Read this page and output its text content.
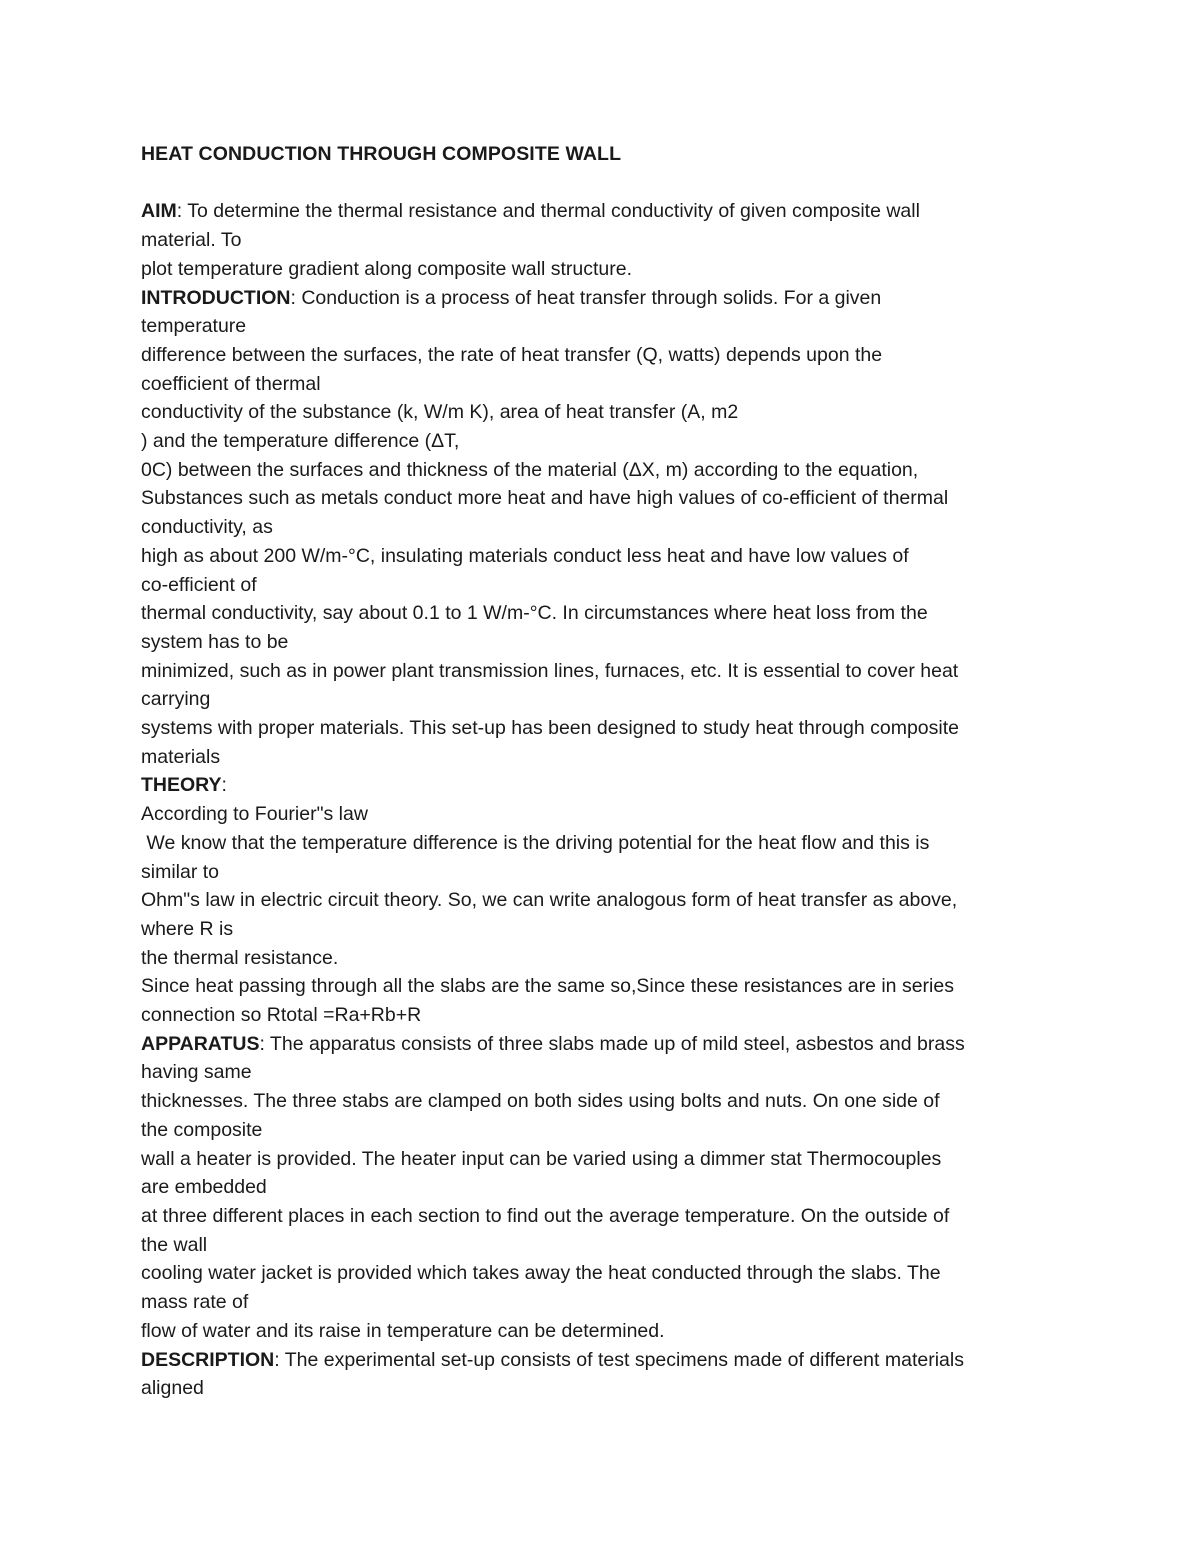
HEAT CONDUCTION THROUGH COMPOSITE WALL
AIM: To determine the thermal resistance and thermal conductivity of given composite wall
material. To
plot temperature gradient along composite wall structure.
INTRODUCTION: Conduction is a process of heat transfer through solids. For a given
temperature
difference between the surfaces, the rate of heat transfer (Q, watts) depends upon the
coefficient of thermal
conductivity of the substance (k, W/m K), area of heat transfer (A, m2
) and the temperature difference (ΔT,
0C) between the surfaces and thickness of the material (ΔX, m) according to the equation,
Substances such as metals conduct more heat and have high values of co-efficient of thermal
conductivity, as
high as about 200 W/m-°C, insulating materials conduct less heat and have low values of
co-efficient of
thermal conductivity, say about 0.1 to 1 W/m-°C. In circumstances where heat loss from the
system has to be
minimized, such as in power plant transmission lines, furnaces, etc. It is essential to cover heat
carrying
systems with proper materials. This set-up has been designed to study heat through composite
materials
THEORY:
According to Fourier"s law
We know that the temperature difference is the driving potential for the heat flow and this is
similar to
Ohm"s law in electric circuit theory. So, we can write analogous form of heat transfer as above,
where R is
the thermal resistance.
Since heat passing through all the slabs are the same so,Since these resistances are in series
connection so Rtotal =Ra+Rb+R
APPARATUS: The apparatus consists of three slabs made up of mild steel, asbestos and brass
having same
thicknesses. The three stabs are clamped on both sides using bolts and nuts. On one side of
the composite
wall a heater is provided. The heater input can be varied using a dimmer stat Thermocouples
are embedded
at three different places in each section to find out the average temperature. On the outside of
the wall
cooling water jacket is provided which takes away the heat conducted through the slabs. The
mass rate of
flow of water and its raise in temperature can be determined.
DESCRIPTION: The experimental set-up consists of test specimens made of different materials
aligned
